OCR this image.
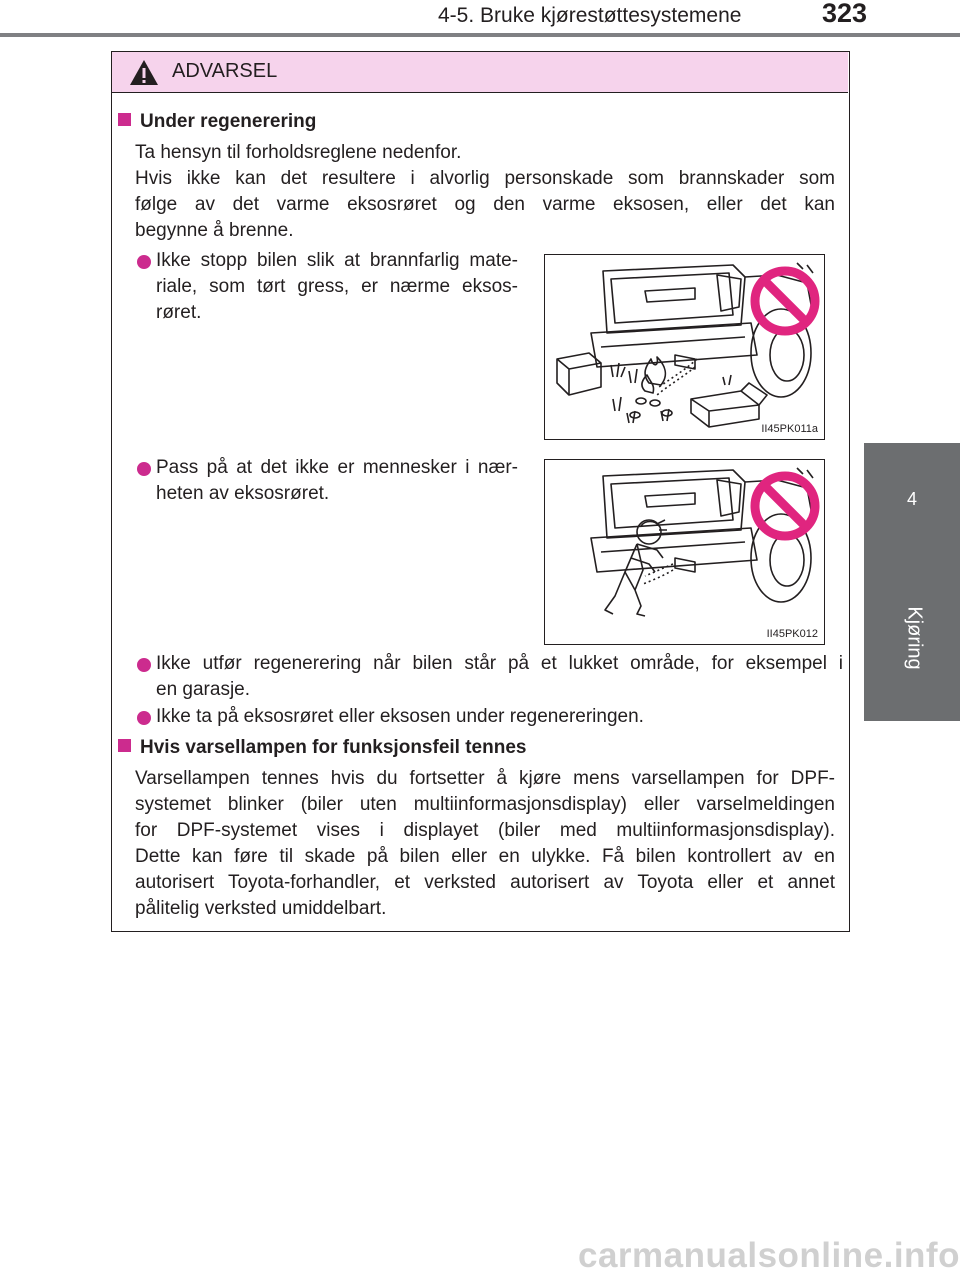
4-5. Bruke kjørestøttesystemene	323
4
Kjøring
ADVARSEL
Under regenerering
Ta hensyn til forholdsreglene nedenfor.
Hvis ikke kan det resultere i alvorlig personskade som brannskader som
følge av det varme eksosrøret og den varme eksosen, eller det kan
begynne å brenne.
Ikke stopp bilen slik at brannfarlig mate-
riale, som tørt gress, er nærme eksos-
røret.
II45PK011a
Pass på at det ikke er mennesker i nær-
heten av eksosrøret.
II45PK012
Ikke utfør regenerering når bilen står på et lukket område, for eksempel i
en garasje.
Ikke ta på eksosrøret eller eksosen under regenereringen.
Hvis varsellampen for funksjonsfeil tennes
Varsellampen tennes hvis du fortsetter å kjøre mens varsellampen for DPF-
systemet blinker (biler uten multiinformasjonsdisplay) eller varselmeldingen
for DPF-systemet vises i displayet (biler med multiinformasjonsdisplay).
Dette kan føre til skade på bilen eller en ulykke. Få bilen kontrollert av en
autorisert Toyota-forhandler, et verksted autorisert av Toyota eller et annet
pålitelig verksted umiddelbart.
carmanualsonline.info
